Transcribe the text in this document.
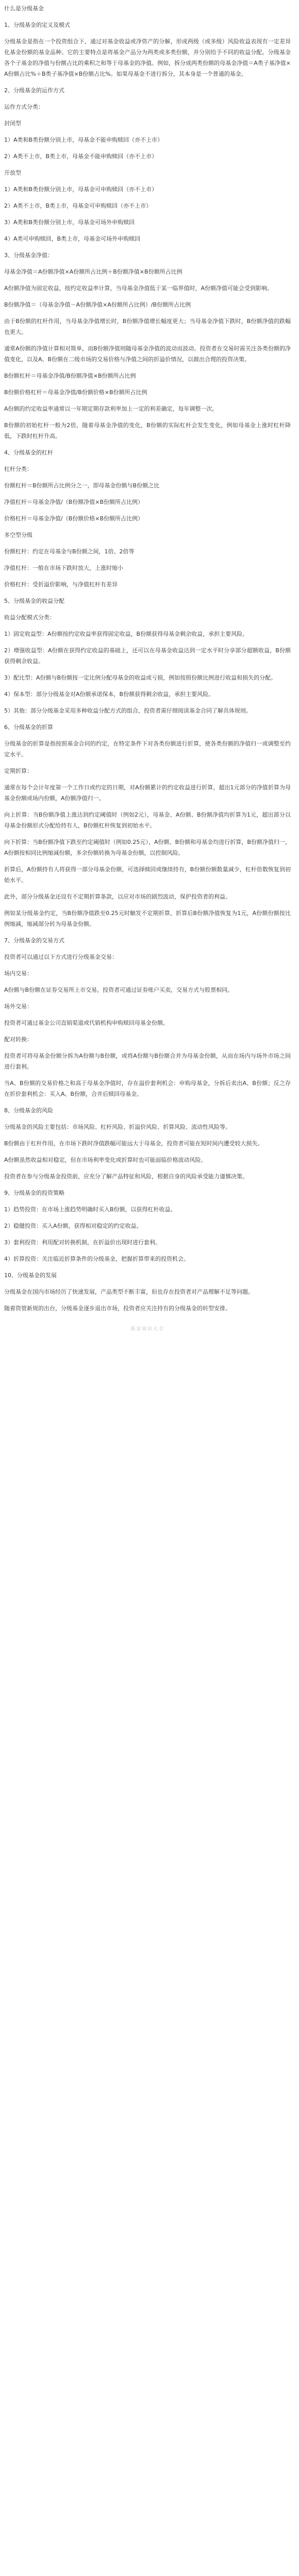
什么是分级基金
1、分级基金的定义及模式
分级基金是指在一个投资组合下，通过对基金收益或净资产的分解，形成两级（或多级）风险收益表现有一定差异化基金份额的基金品种。它的主要特点是将基金产品分为两类或多类份额，并分别给予不同的收益分配。分级基金各个子基金的净值与份额占比的乘积之和等于母基金的净值。例如，拆分成两类份额的母基金净值＝A类子基净值×A份额占比%＋B类子基净值×B份额占比%。如果母基金不进行拆分，其本身是一个普通的基金。
2、分级基金的运作方式
运作方式分类：
封闭型
1）A类和B类份额分别上市，母基金不能申购赎回（亦不上市）
2）A类不上市，B类上市，母基金不能申购赎回（亦不上市）
开放型
1）A类和B类份额分别上市，母基金可申购赎回（亦不上市）
2）A类不上市，B类上市，母基金可申购赎回（亦不上市）
3）A类和B类份额分别上市，母基金可场外申购赎回
4）A类可申购赎回，B类上市，母基金可场外申购赎回
3、分级基金净值：
母基金净值＝A份额净值×A份额所占比例＋B份额净值×B份额所占比例
A份额净值为固定收益，按约定收益率计算，当母基金净值低于某一临界值时，A份额净值可能会受到影响。
B份额净值＝（母基金净值－A份额净值×A份额所占比例）/B份额所占比例
由于B份额的杠杆作用，当母基金净值增长时，B份额净值增长幅度更大；当母基金净值下跌时，B份额净值的跌幅也更大。
通常A份额的净值计算相对简单，而B份额净值则随母基金净值的波动而波动。投资者在交易时需关注各类份额的净值变化，以及A、B份额在二级市场的交易价格与净值之间的折溢价情况，以做出合理的投资决策。
B份额杠杆＝母基金净值/B份额净值×B份额所占比例
B份额价格杠杆＝母基金净值/B份额价格×B份额所占比例
A份额的约定收益率通常以一年期定期存款利率加上一定的利差确定，每年调整一次。
B份额的初始杠杆一般为2倍，随着母基金净值的变化，B份额的实际杠杆会发生变化，例如母基金上涨时杠杆降低，下跌时杠杆升高。
4、分级基金的杠杆
杠杆分类：
份额杠杆＝B份额所占比例分之一，即母基金份额与B份额之比
净值杠杆＝母基金净值/（B份额净值×B份额所占比例）
价格杠杆＝母基金净值/（B份额价格×B份额所占比例）
多空型分级
份额杠杆：约定在母基金与B份额之间，1倍、2倍等
净值杠杆：一般在市场下跌时放大，上涨时缩小
价格杠杆：受折溢价影响，与净值杠杆有差异
5、分级基金的收益分配
收益分配模式分类：
1）固定收益型：A份额按约定收益率获得固定收益，B份额获得母基金剩余收益，承担主要风险。
2）增强收益型：A份额在获得约定收益的基础上，还可以在母基金收益达到一定水平时分享部分超额收益，B份额获得剩余收益。
3）配比型：A份额与B份额按一定比例分配母基金的收益或亏损，例如按照份额比例进行收益和损失的分配。
4）保本型：部分分级基金对A份额承诺保本，B份额获得剩余收益，承担主要风险。
5）其他：部分分级基金采用多种收益分配方式的组合，投资者需仔细阅读基金合同了解具体规则。
6、分级基金的折算
分级基金的折算是指按照基金合同的约定，在特定条件下对各类份额进行折算，使各类份额的净值归一或调整至约定水平。
定期折算：
通常在每个会计年度第一个工作日或约定的日期，对A份额累计的约定收益进行折算，超出1元部分的净值折算为母基金份额或场内份额，A份额净值归一。
向上折算：当B份额净值上涨达到约定阈值时（例如2元），母基金、A份额、B份额净值均折算为1元，超出部分以母基金份额形式分配给持有人，B份额杠杆恢复到初始水平。
向下折算：当B份额净值下跌至约定阈值时（例如0.25元），A份额、B份额和母基金均进行折算，B份额净值归一，A份额按相同比例缩减份额，多余份额转换为母基金份额，以控制风险。
折算后，A份额持有人将获得一部分母基金份额，可选择赎回或继续持有，B份额份额数量减少，杠杆倍数恢复到初始水平。
此外，部分分级基金还设有不定期折算条款，以应对市场的剧烈波动，保护投资者的利益。
例如某分级基金约定，当B份额净值跌至0.25元时触发不定期折算，折算后B份额净值恢复为1元，A份额份额按比例缩减，缩减部分转为母基金份额。
7、分级基金的交易方式
投资者可以通过以下方式进行分级基金交易：
场内交易：
A份额与B份额在证券交易所上市交易，投资者可通过证券账户买卖，交易方式与股票相同。
场外交易：
投资者可通过基金公司直销渠道或代销机构申购赎回母基金份额。
配对转换：
投资者可将母基金份额分拆为A份额与B份额，或将A份额与B份额合并为母基金份额，从而在场内与场外市场之间进行套利。
当A、B份额的交易价格之和高于母基金净值时，存在溢价套利机会：申购母基金，分拆后卖出A、B份额；反之存在折价套利机会：买入A、B份额，合并后赎回母基金。
8、分级基金的风险
分级基金的风险主要包括：市场风险、杠杆风险、折溢价风险、折算风险、流动性风险等。
B份额由于杠杆作用，在市场下跌时净值跌幅可能远大于母基金，投资者可能在短时间内遭受较大损失。
A份额虽然收益相对稳定，但在市场利率变化或折算时也可能面临价格波动风险。
投资者在参与分级基金投资前，应充分了解产品特征和风险，根据自身的风险承受能力谨慎决策。
9、分级基金的投资策略
1）趋势投资：在市场上涨趋势明确时买入B份额，以获得杠杆收益。
2）稳健投资：买入A份额，获得相对稳定的约定收益。
3）套利投资：利用配对转换机制，在折溢价出现时进行套利。
4）折算投资：关注临近折算条件的分级基金，把握折算带来的投资机会。
10、分级基金的发展
分级基金在国内市场经历了快速发展，产品类型不断丰富，但也存在投资者对产品理解不足等问题。
随着资管新规的出台，分级基金逐步退出市场，投资者应关注持有的分级基金的转型安排。
基金知识大全
